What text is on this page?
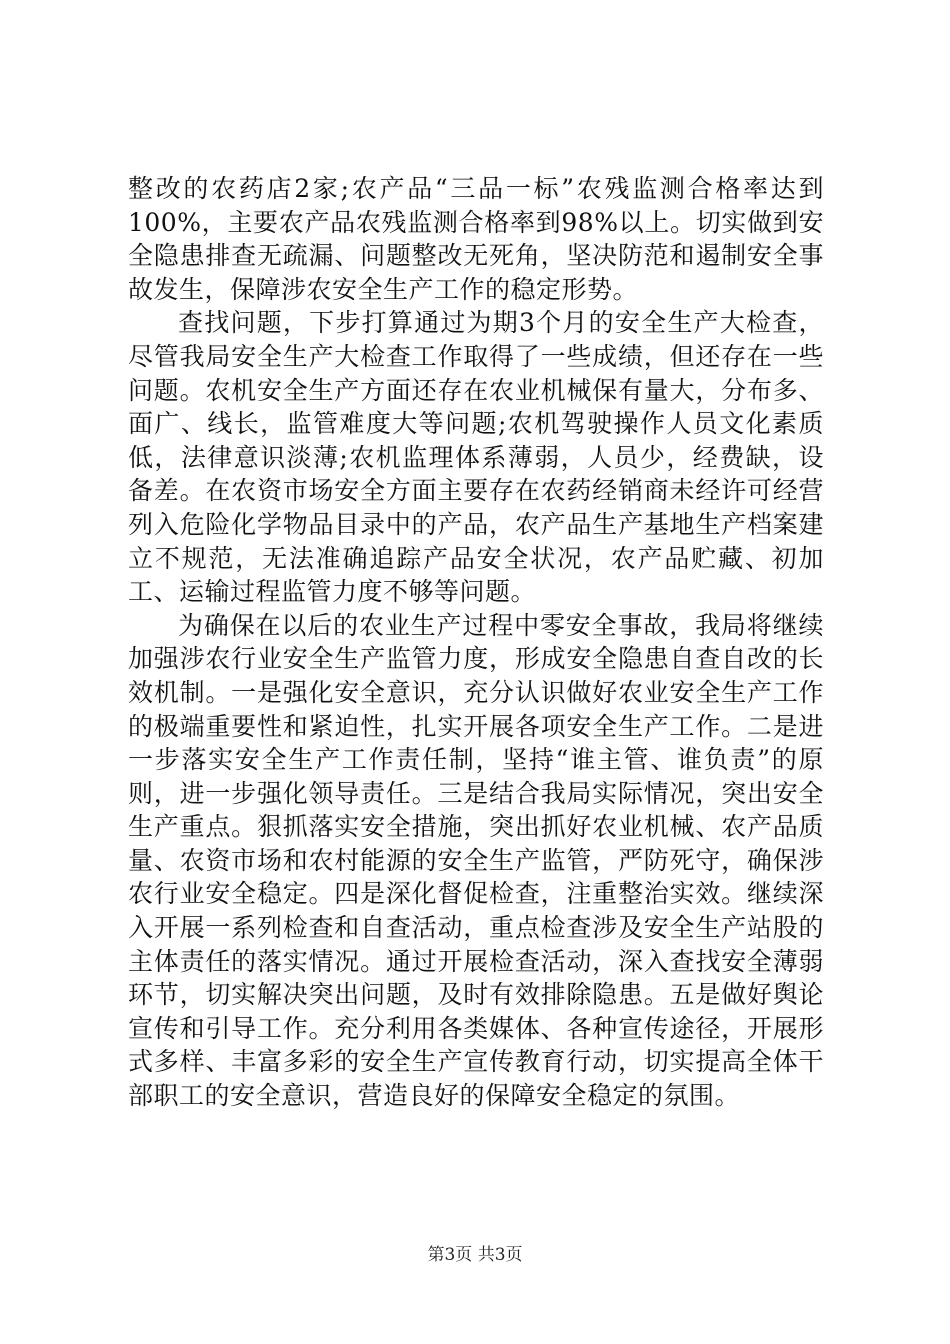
整改的农药店2家;农产品“三品一标”农残监测合格率达到100%，主要农产品农残监测合格率到98%以上。切实做到安全隐患排查无疏漏、问题整改无死角，坚决防范和遏制安全事故发生，保障涉农安全生产工作的稳定形势。

查找问题，下步打算通过为期3个月的安全生产大检查，尽管我局安全生产大检查工作取得了一些成绩，但还存在一些问题。农机安全生产方面还存在农业机械保有量大，分布多、面广、线长，监管难度大等问题;农机驾驶操作人员文化素质低，法律意识淡薄;农机监理体系薄弱，人员少，经费缺，设备差。在农资市场安全方面主要存在农药经销商未经许可经营列入危险化学物品目录中的产品，农产品生产基地生产档案建立不规范，无法准确追踪产品安全状况，农产品贮藏、初加工、运输过程监管力度不够等问题。

为确保在以后的农业生产过程中零安全事故，我局将继续加强涉农行业安全生产监管力度，形成安全隐患自查自改的长效机制。一是强化安全意识，充分认识做好农业安全生产工作的极端重要性和紧迫性，扎实开展各项安全生产工作。二是进一步落实安全生产工作责任制，坚持“谁主管、谁负责”的原则，进一步强化领导责任。三是结合我局实际情况，突出安全生产重点。狠抓落实安全措施，突出抓好农业机械、农产品质量、农资市场和农村能源的安全生产监管，严防死守，确保涉农行业安全稳定。四是深化督促检查，注重整治实效。继续深入开展一系列检查和自查活动，重点检查涉及安全生产站股的主体责任的落实情况。通过开展检查活动，深入查找安全薄弱环节，切实解决突出问题，及时有效排除隐患。五是做好舆论宣传和引导工作。充分利用各类媒体、各种宣传途径，开展形式多样、丰富多彩的安全生产宣传教育行动，切实提高全体干部职工的安全意识，营造良好的保障安全稳定的氛围。

第3页 共3页
